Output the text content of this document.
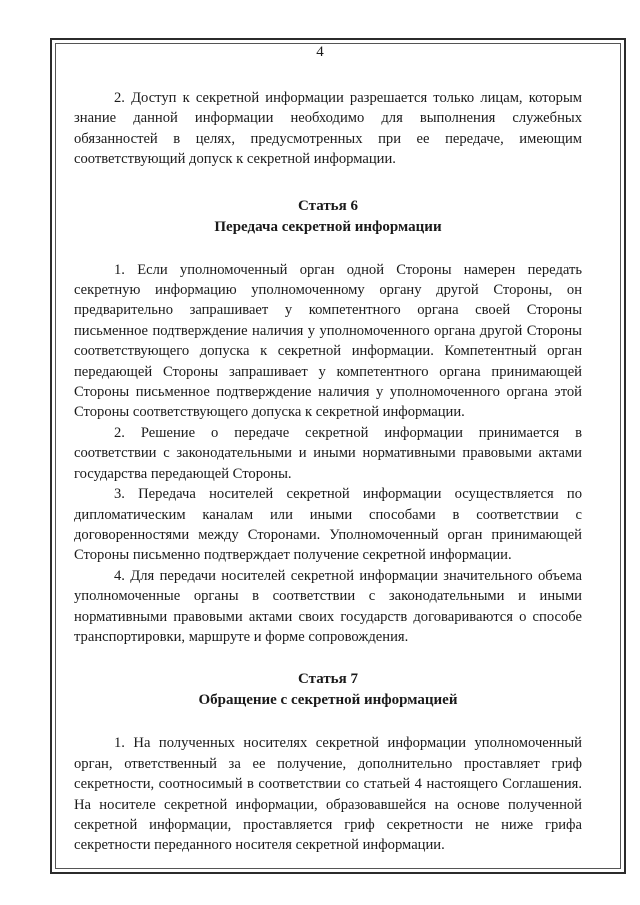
4

2. Доступ к секретной информации разрешается только лицам, которым знание данной информации необходимо для выполнения служебных обязанностей в целях, предусмотренных при ее передаче, имеющим соответствующий допуск к секретной информации.

Статья 6
Передача секретной информации

1. Если уполномоченный орган одной Стороны намерен передать секретную информацию уполномоченному органу другой Стороны, он предварительно запрашивает у компетентного органа своей Стороны письменное подтверждение наличия у уполномоченного органа другой Стороны соответствующего допуска к секретной информации. Компетентный орган передающей Стороны запрашивает у компетентного органа принимающей Стороны письменное подтверждение наличия у уполномоченного органа этой Стороны соответствующего допуска к секретной информации.

2. Решение о передаче секретной информации принимается в соответствии с законодательными и иными нормативными правовыми актами государства передающей Стороны.

3. Передача носителей секретной информации осуществляется по дипломатическим каналам или иными способами в соответствии с договоренностями между Сторонами. Уполномоченный орган принимающей Стороны письменно подтверждает получение секретной информации.

4. Для передачи носителей секретной информации значительного объема уполномоченные органы в соответствии с законодательными и иными нормативными правовыми актами своих государств договариваются о способе транспортировки, маршруте и форме сопровождения.

Статья 7
Обращение с секретной информацией

1. На полученных носителях секретной информации уполномоченный орган, ответственный за ее получение, дополнительно проставляет гриф секретности, соотносимый в соответствии со статьей 4 настоящего Соглашения. На носителе секретной информации, образовавшейся на основе полученной секретной информации, проставляется гриф секретности не ниже грифа секретности переданного носителя секретной информации.
